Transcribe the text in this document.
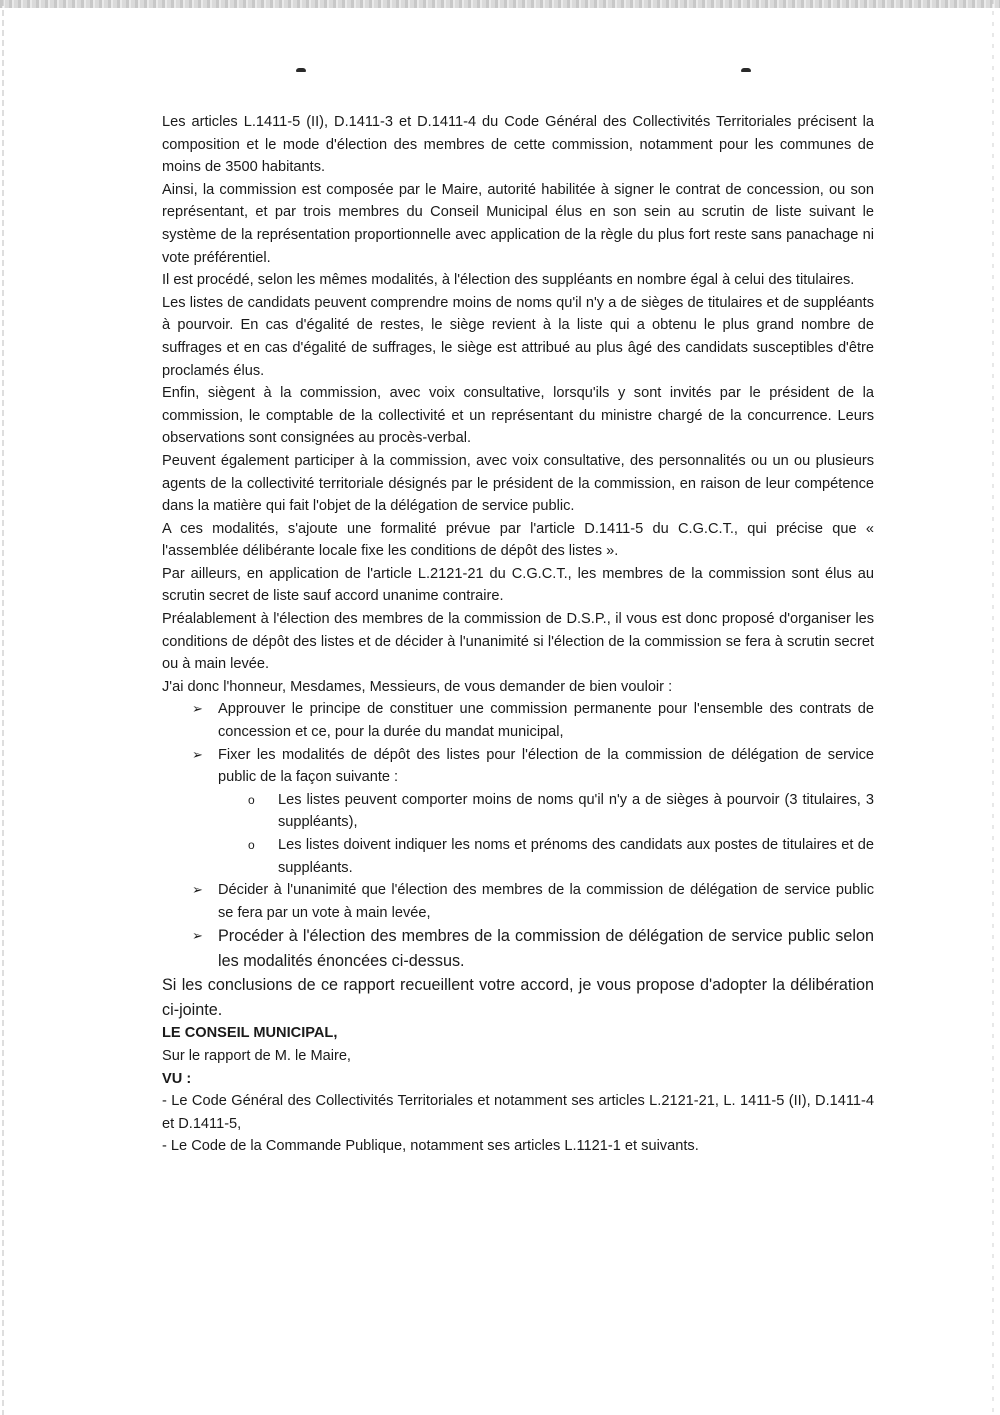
Les articles L.1411-5 (II), D.1411-3 et D.1411-4 du Code Général des Collectivités Territoriales précisent la composition et le mode d'élection des membres de cette commission, notamment pour les communes de moins de 3500 habitants.

Ainsi, la commission est composée par le Maire, autorité habilitée à signer le contrat de concession, ou son représentant, et par trois membres du Conseil Municipal élus en son sein au scrutin de liste suivant le système de la représentation proportionnelle avec application de la règle du plus fort reste sans panachage ni vote préférentiel.

Il est procédé, selon les mêmes modalités, à l'élection des suppléants en nombre égal à celui des titulaires.

Les listes de candidats peuvent comprendre moins de noms qu'il n'y a de sièges de titulaires et de suppléants à pourvoir. En cas d'égalité de restes, le siège revient à la liste qui a obtenu le plus grand nombre de suffrages et en cas d'égalité de suffrages, le siège est attribué au plus âgé des candidats susceptibles d'être proclamés élus.

Enfin, siègent à la commission, avec voix consultative, lorsqu'ils y sont invités par le président de la commission, le comptable de la collectivité et un représentant du ministre chargé de la concurrence. Leurs observations sont consignées au procès-verbal.

Peuvent également participer à la commission, avec voix consultative, des personnalités ou un ou plusieurs agents de la collectivité territoriale désignés par le président de la commission, en raison de leur compétence dans la matière qui fait l'objet de la délégation de service public.

A ces modalités, s'ajoute une formalité prévue par l'article D.1411-5 du C.G.C.T., qui précise que « l'assemblée délibérante locale fixe les conditions de dépôt des listes ».

Par ailleurs, en application de l'article L.2121-21 du C.G.C.T., les membres de la commission sont élus au scrutin secret de liste sauf accord unanime contraire.

Préalablement à l'élection des membres de la commission de D.S.P., il vous est donc proposé d'organiser les conditions de dépôt des listes et de décider à l'unanimité si l'élection de la commission se fera à scrutin secret ou à main levée.

J'ai donc l'honneur, Mesdames, Messieurs, de vous demander de bien vouloir :

➢ Approuver le principe de constituer une commission permanente pour l'ensemble des contrats de concession et ce, pour la durée du mandat municipal,
➢ Fixer les modalités de dépôt des listes pour l'élection de la commission de délégation de service public de la façon suivante :
o Les listes peuvent comporter moins de noms qu'il n'y a de sièges à pourvoir (3 titulaires, 3 suppléants),
o Les listes doivent indiquer les noms et prénoms des candidats aux postes de titulaires et de suppléants.
➢ Décider à l'unanimité que l'élection des membres de la commission de délégation de service public se fera par un vote à main levée,
➢ Procéder à l'élection des membres de la commission de délégation de service public selon les modalités énoncées ci-dessus.

Si les conclusions de ce rapport recueillent votre accord, je vous propose d'adopter la délibération ci-jointe.

LE CONSEIL MUNICIPAL,

Sur le rapport de M. le Maire,

VU :

- Le Code Général des Collectivités Territoriales et notamment ses articles L.2121-21, L. 1411-5 (II), D.1411-4 et D.1411-5,

- Le Code de la Commande Publique, notamment ses articles L.1121-1 et suivants.
